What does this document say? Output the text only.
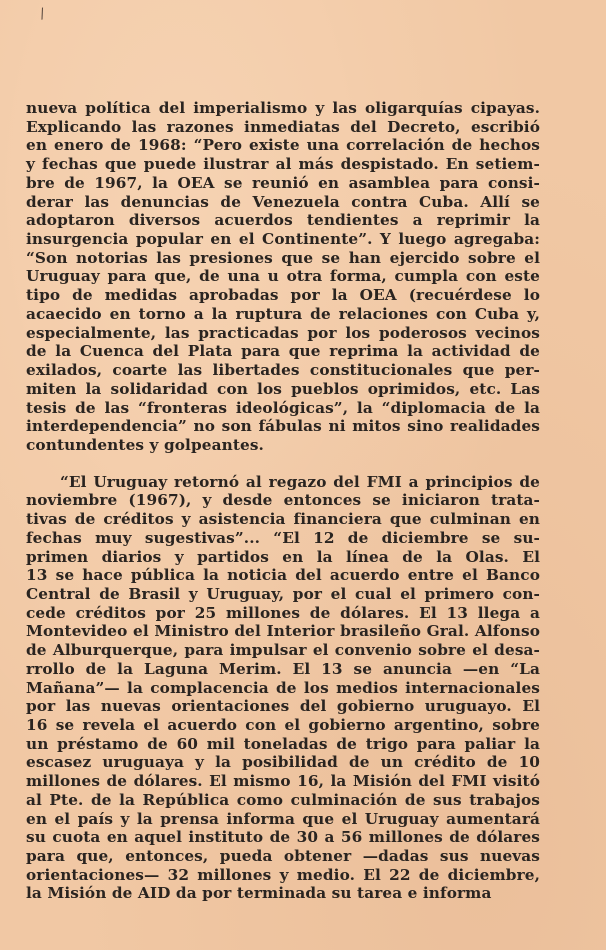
/
nueva política del imperialismo y las oligarquías cipayas.
Explicando las razones inmediatas del Decreto, escribió
en enero de 1968: “Pero existe una correlación de hechos
y fechas que puede ilustrar al más despistado. En setiem-
bre de 1967, la OEA se reunió en asamblea para consi-
derar las denuncias de Venezuela contra Cuba. Allí se
adoptaron diversos acuerdos tendientes a reprimir la
insurgencia popular en el Continente”. Y luego agregaba:
“Son notorias las presiones que se han ejercido sobre el
Uruguay para que, de una u otra forma, cumpla con este
tipo de medidas aprobadas por la OEA (recuérdese lo
acaecido en torno a la ruptura de relaciones con Cuba y,
especialmente, las practicadas por los poderosos vecinos
de la Cuenca del Plata para que reprima la actividad de
exilados, coarte las libertades constitucionales que per-
miten la solidaridad con los pueblos oprimidos, etc. Las
tesis de las “fronteras ideológicas”, la “diplomacia de la
interdependencia” no son fábulas ni mitos sino realidades
contundentes y golpeantes.
“El Uruguay retornó al regazo del FMI a principios de
noviembre (1967), y desde entonces se iniciaron trata-
tivas de créditos y asistencia financiera que culminan en
fechas muy sugestivas”... “El 12 de diciembre se su-
primen diarios y partidos en la línea de la Olas. El
13 se hace pública la noticia del acuerdo entre el Banco
Central de Brasil y Uruguay, por el cual el primero con-
cede créditos por 25 millones de dólares. El 13 llega a
Montevideo el Ministro del Interior brasileño Gral. Alfonso
de Alburquerque, para impulsar el convenio sobre el desa-
rrollo de la Laguna Merim. El 13 se anuncia —en “La
Mañana”— la complacencia de los medios internacionales
por las nuevas orientaciones del gobierno uruguayo. El
16 se revela el acuerdo con el gobierno argentino, sobre
un préstamo de 60 mil toneladas de trigo para paliar la
escasez uruguaya y la posibilidad de un crédito de 10
millones de dólares. El mismo 16, la Misión del FMI visitó
al Pte. de la República como culminación de sus trabajos
en el país y la prensa informa que el Uruguay aumentará
su cuota en aquel instituto de 30 a 56 millones de dólares
para que, entonces, pueda obtener —dadas sus nuevas
orientaciones— 32 millones y medio. El 22 de diciembre,
la Misión de AID da por terminada su tarea e informa
